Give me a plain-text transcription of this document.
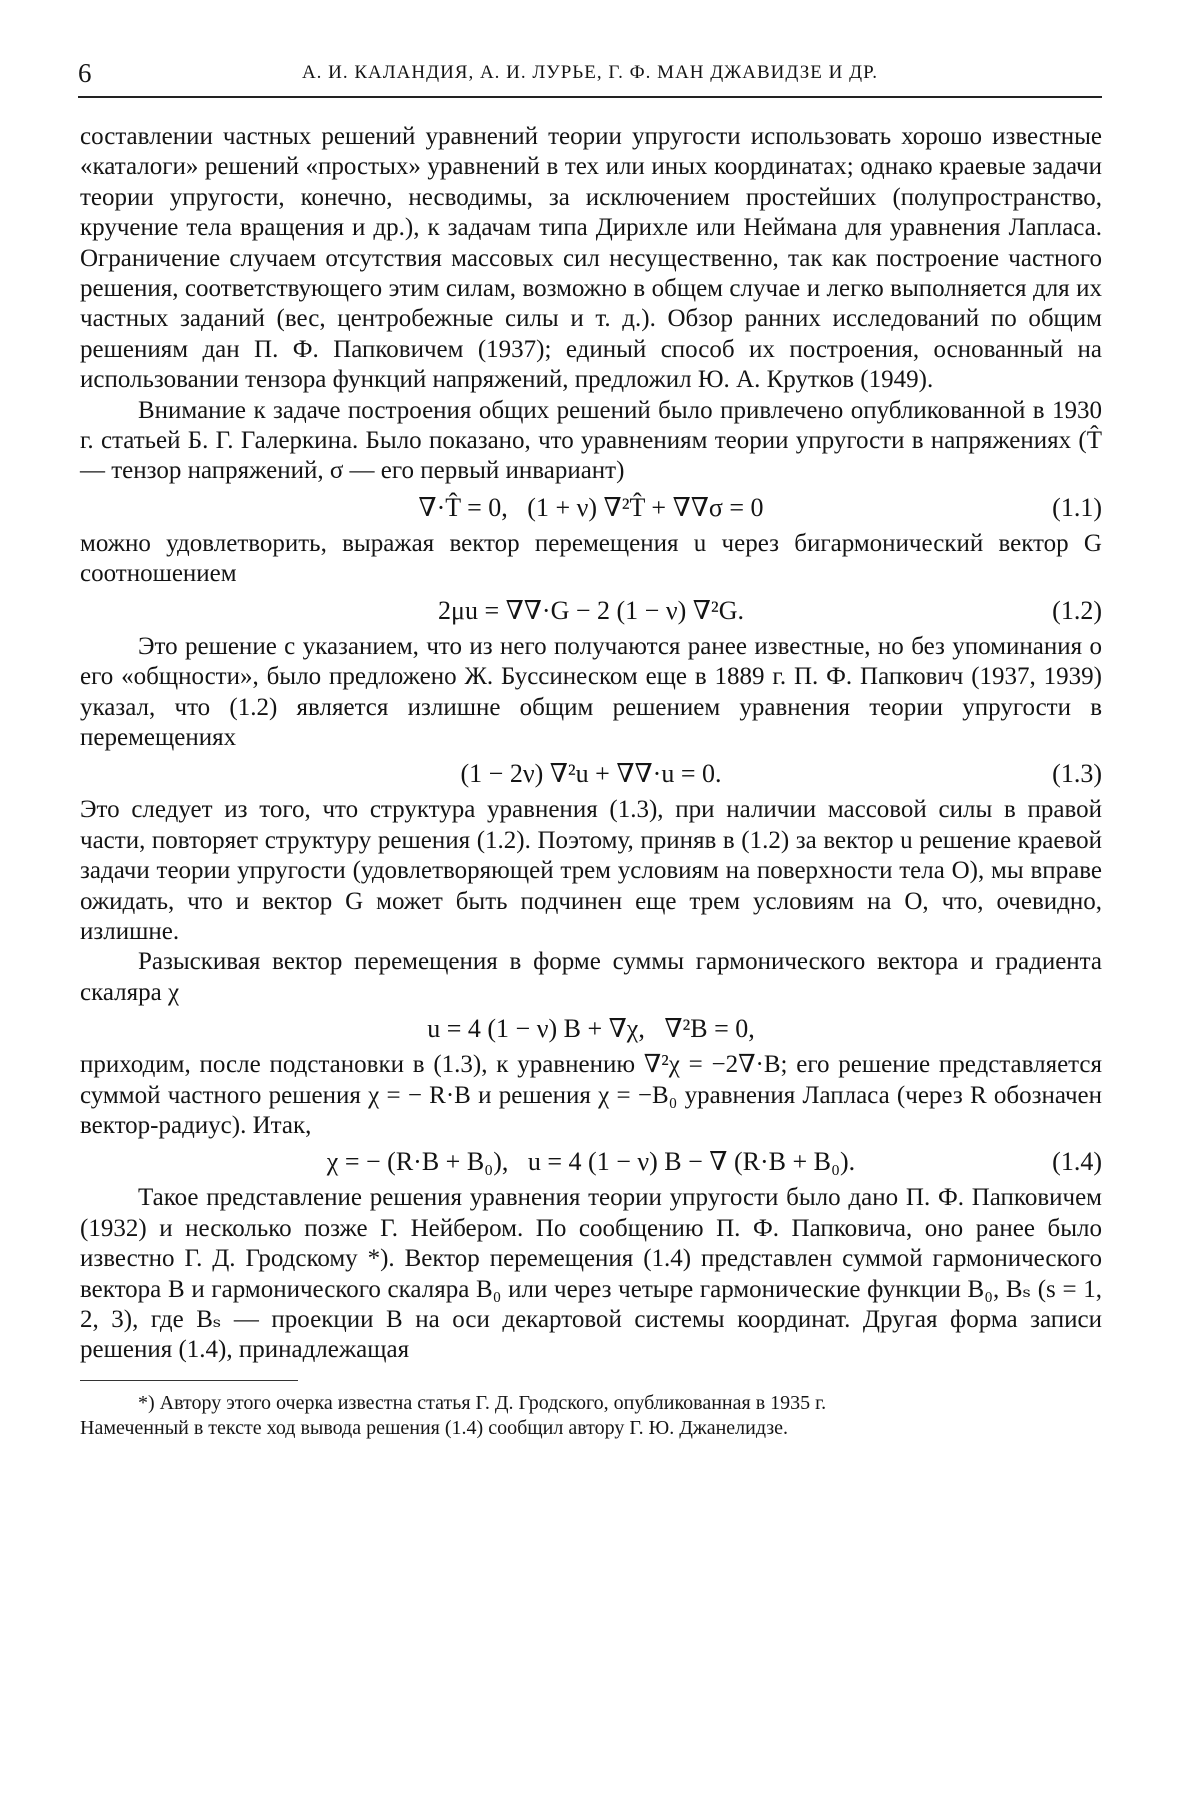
6	А. И. КАЛАНДИЯ, А. И. ЛУРЬЕ, Г. Ф. МАН ДЖАВИДЗЕ И ДР.

составлении частных решений уравнений теории упругости использовать хорошо известные «каталоги» решений «простых» уравнений в тех или иных координатах; однако краевые задачи теории упругости, конечно, несводимы, за исключением простейших (полупространство, кручение тела вращения и др.), к задачам типа Дирихле или Неймана для уравнения Лапласа. Ограничение случаем отсутствия массовых сил несущественно, так как построение частного решения, соответствующего этим силам, возможно в общем случае и легко выполняется для их частных заданий (вес, центробежные силы и т. д.). Обзор ранних исследований по общим решениям дан П. Ф. Папковичем (1937); единый способ их построения, основанный на использовании тензора функций напряжений, предложил Ю. А. Крутков (1949).

Внимание к задаче построения общих решений было привлечено опубликованной в 1930 г. статьей Б. Г. Галеркина. Было показано, что уравнениям теории упругости в напряжениях (T̂ — тензор напряжений, σ — его первый инвариант)

∇·T̂ = 0,   (1 + ν) ∇²T̂ + ∇∇σ = 0	(1.1)

можно удовлетворить, выражая вектор перемещения u через бигармонический вектор G соотношением

2μu = ∇∇·G − 2 (1 − ν) ∇²G.	(1.2)

Это решение с указанием, что из него получаются ранее известные, но без упоминания о его «общности», было предложено Ж. Буссинеском еще в 1889 г. П. Ф. Папкович (1937, 1939) указал, что (1.2) является излишне общим решением уравнения теории упругости в перемещениях

(1 − 2ν) ∇²u + ∇∇·u = 0.	(1.3)

Это следует из того, что структура уравнения (1.3), при наличии массовой силы в правой части, повторяет структуру решения (1.2). Поэтому, приняв в (1.2) за вектор u решение краевой задачи теории упругости (удовлетворяющей трем условиям на поверхности тела O), мы вправе ожидать, что и вектор G может быть подчинен еще трем условиям на O, что, очевидно, излишне.

Разыскивая вектор перемещения в форме суммы гармонического вектора и градиента скаляра χ

u = 4 (1 − ν) B + ∇χ,   ∇²B = 0,

приходим, после подстановки в (1.3), к уравнению ∇²χ = −2∇·B; его решение представляется суммой частного решения χ = − R·B и решения χ = −B₀ уравнения Лапласа (через R обозначен вектор-радиус). Итак,

χ = − (R·B + B₀),   u = 4 (1 − ν) B − ∇ (R·B + B₀).	(1.4)

Такое представление решения уравнения теории упругости было дано П. Ф. Папковичем (1932) и несколько позже Г. Нейбером. По сообщению П. Ф. Папковича, оно ранее было известно Г. Д. Гродскому *). Вектор перемещения (1.4) представлен суммой гармонического вектора B и гармонического скаляра B₀ или через четыре гармонические функции B₀, Bₛ (s = 1, 2, 3), где Bₛ — проекции B на оси декартовой системы координат. Другая форма записи решения (1.4), принадлежащая

*) Автору этого очерка известна статья Г. Д. Гродского, опубликованная в 1935 г.
Намеченный в тексте ход вывода решения (1.4) сообщил автору Г. Ю. Джанелидзе.
